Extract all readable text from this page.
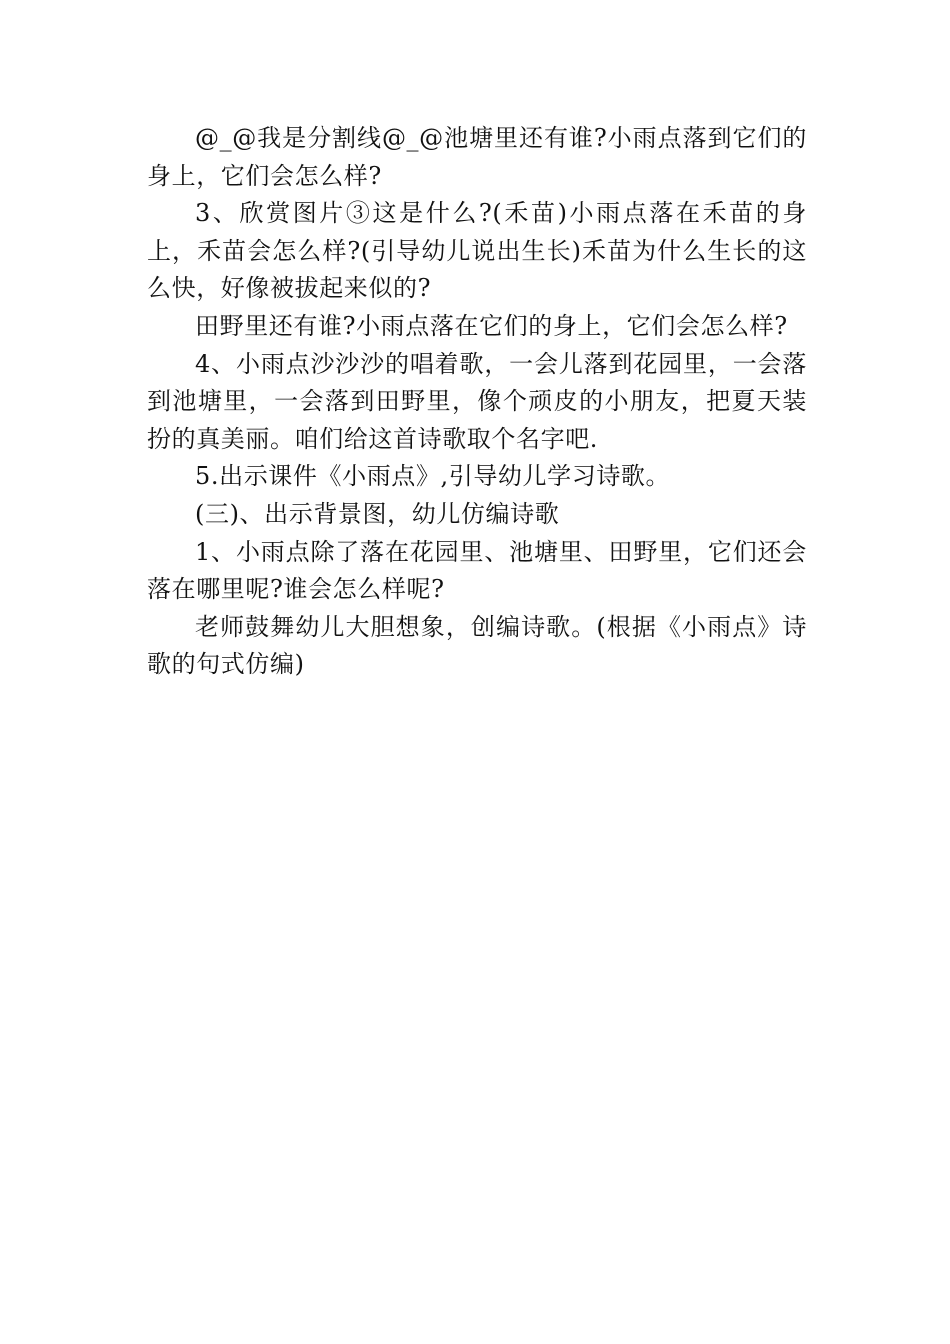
@_@我是分割线@_@池塘里还有谁?小雨点落到它们的身上，它们会怎么样?

3、欣赏图片③这是什么?(禾苗)小雨点落在禾苗的身上，禾苗会怎么样?(引导幼儿说出生长)禾苗为什么生长的这么快，好像被拔起来似的?

田野里还有谁?小雨点落在它们的身上，它们会怎么样?

4、小雨点沙沙沙的唱着歌，一会儿落到花园里，一会落到池塘里，一会落到田野里，像个顽皮的小朋友，把夏天装扮的真美丽。咱们给这首诗歌取个名字吧.

5.出示课件《小雨点》,引导幼儿学习诗歌。

(三)、出示背景图，幼儿仿编诗歌

1、小雨点除了落在花园里、池塘里、田野里，它们还会落在哪里呢?谁会怎么样呢?

老师鼓舞幼儿大胆想象，创编诗歌。(根据《小雨点》诗歌的句式仿编)
